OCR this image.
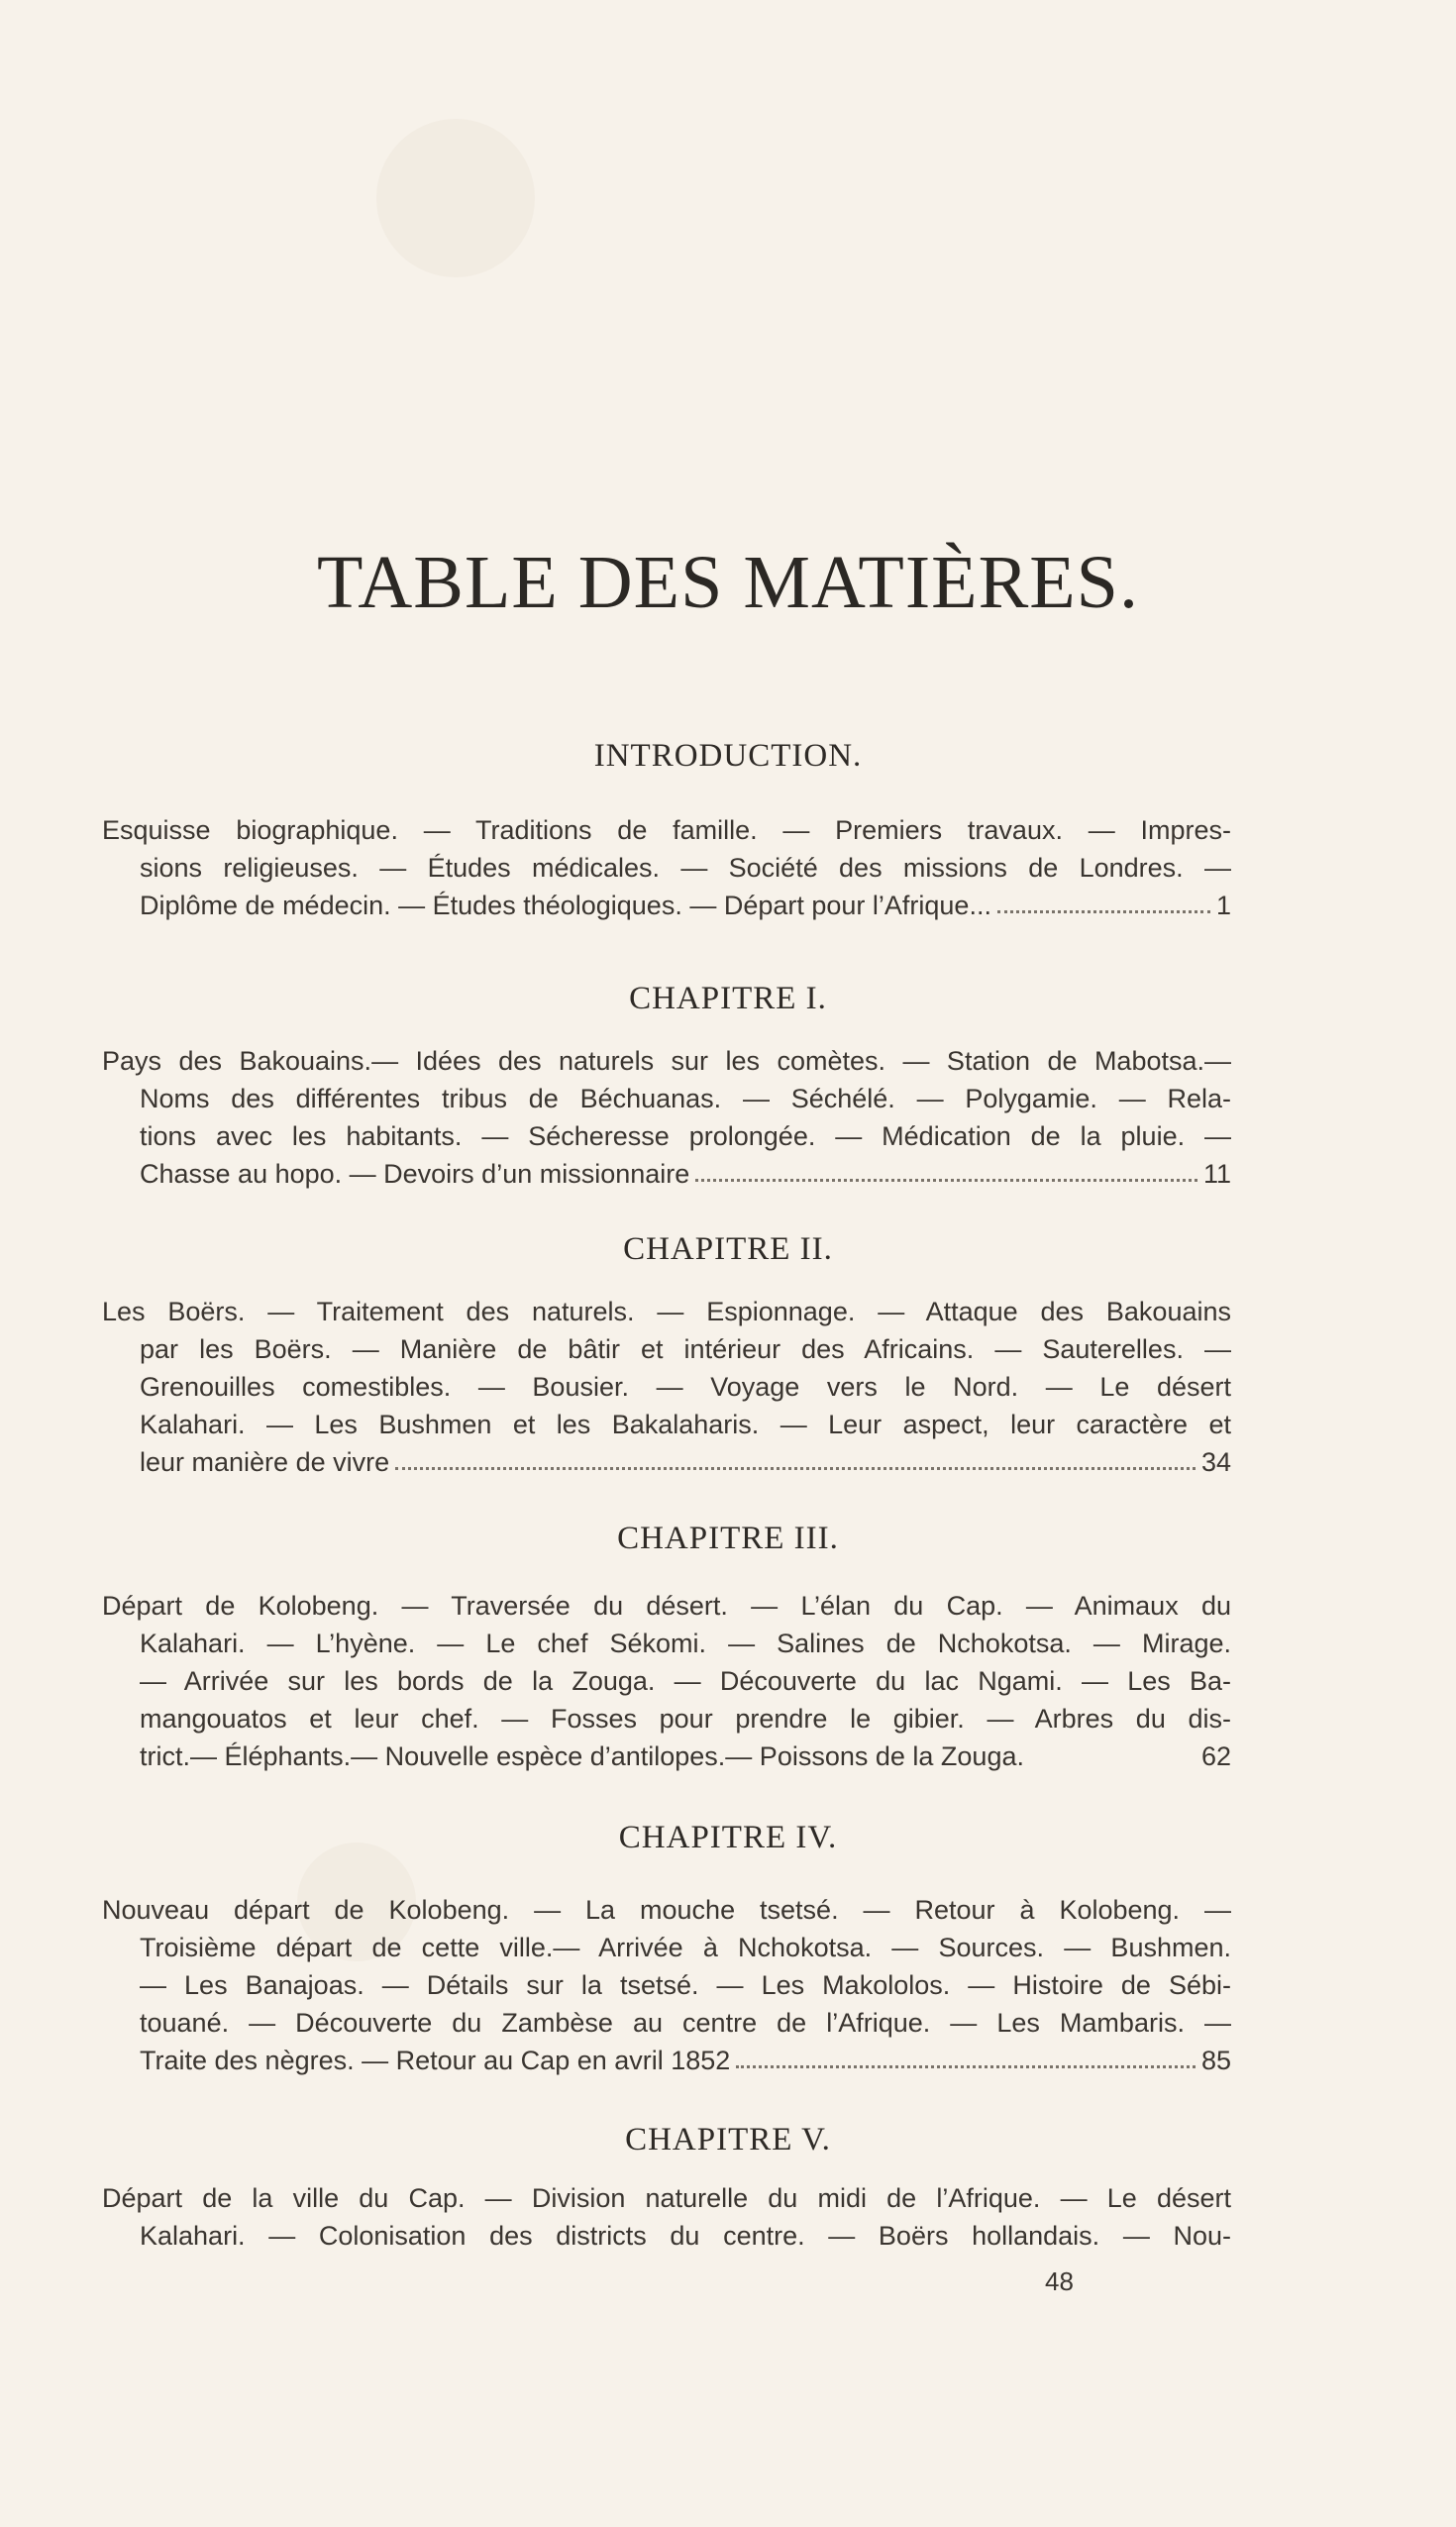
TABLE DES MATIÈRES.
INTRODUCTION.
Esquisse biographique. — Traditions de famille. — Premiers travaux. — Impres-
sions religieuses. — Études médicales. — Société des missions de Londres. —
Diplôme de médecin. — Études théologiques. — Départ pour l’Afrique...	1
CHAPITRE I.
Pays des Bakouains.— Idées des naturels sur les comètes. — Station de Mabotsa.—
Noms des différentes tribus de Béchuanas. — Séchélé. — Polygamie. — Rela-
tions avec les habitants. — Sécheresse prolongée. — Médication de la pluie. —
Chasse au hopo. — Devoirs d’un missionnaire	11
CHAPITRE II.
Les Boërs. — Traitement des naturels. — Espionnage. — Attaque des Bakouains
par les Boërs. — Manière de bâtir et intérieur des Africains. — Sauterelles. —
Grenouilles comestibles. — Bousier. — Voyage vers le Nord. — Le désert
Kalahari. — Les Bushmen et les Bakalaharis. — Leur aspect, leur caractère et
leur manière de vivre	34
CHAPITRE III.
Départ de Kolobeng. — Traversée du désert. — L’élan du Cap. — Animaux du
Kalahari. — L’hyène. — Le chef Sékomi. — Salines de Nchokotsa. — Mirage.
— Arrivée sur les bords de la Zouga. — Découverte du lac Ngami. — Les Ba-
mangouatos et leur chef. — Fosses pour prendre le gibier. — Arbres du dis-
trict.— Éléphants.— Nouvelle espèce d’antilopes.— Poissons de la Zouga.	62
CHAPITRE IV.
Nouveau départ de Kolobeng. — La mouche tsetsé. — Retour à Kolobeng. —
Troisième départ de cette ville.— Arrivée à Nchokotsa. — Sources. — Bushmen.
— Les Banajoas. — Détails sur la tsetsé. — Les Makololos. — Histoire de Sébi-
touané. — Découverte du Zambèse au centre de l’Afrique. — Les Mambaris. —
Traite des nègres. — Retour au Cap en avril 1852	85
CHAPITRE V.
Départ de la ville du Cap. — Division naturelle du midi de l’Afrique. — Le désert
Kalahari. — Colonisation des districts du centre. — Boërs hollandais. — Nou-
48
